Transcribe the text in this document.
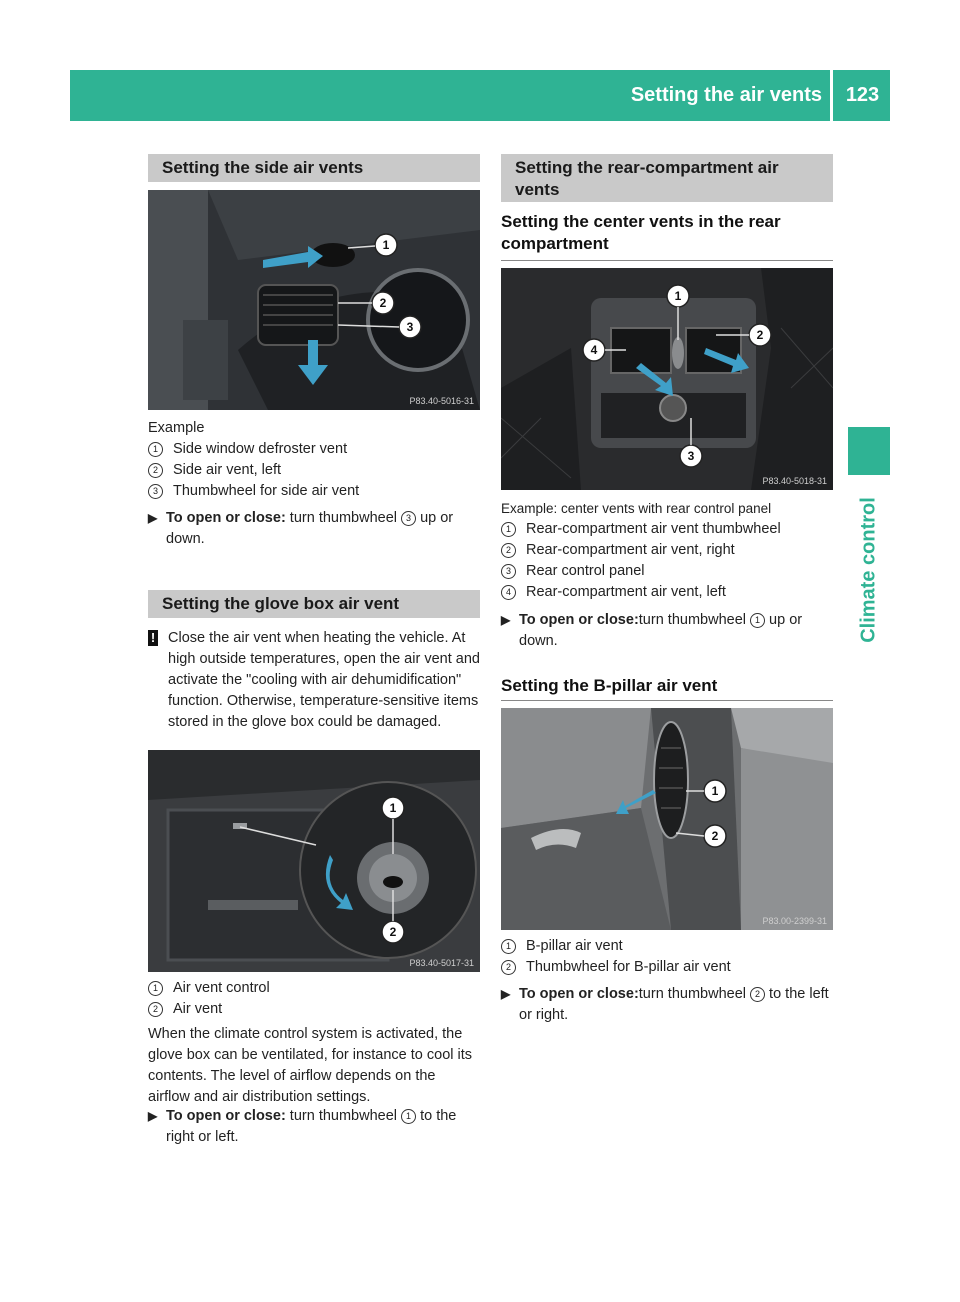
Setting the air vents	123
Climate control
Setting the side air vents
1
2
3
P83.40-5016-31
Example
1	Side window defroster vent
2	Side air vent, left
3	Thumbwheel for side air vent
▶ To open or close: turn thumbwheel 3 up or down.
Setting the glove box air vent
! Close the air vent when heating the vehicle. At high outside temperatures, open the air vent and activate the "cooling with air dehumidification" function. Otherwise, temperature-sensitive items stored in the glove box could be damaged.
1
2
P83.40-5017-31
1	Air vent control
2	Air vent
When the climate control system is activated, the glove box can be ventilated, for instance to cool its contents. The level of airflow depends on the airflow and air distribution settings.
▶ To open or close: turn thumbwheel 1 to the right or left.
Setting the rear-compartment air vents
Setting the center vents in the rear compartment
1
2
3
4
P83.40-5018-31
Example: center vents with rear control panel
1	Rear-compartment air vent thumbwheel
2	Rear-compartment air vent, right
3	Rear control panel
4	Rear-compartment air vent, left
▶ To open or close:turn thumbwheel 1 up or down.
Setting the B-pillar air vent
1
2
P83.00-2399-31
1	B-pillar air vent
2	Thumbwheel for B-pillar air vent
▶ To open or close:turn thumbwheel 2 to the left or right.
